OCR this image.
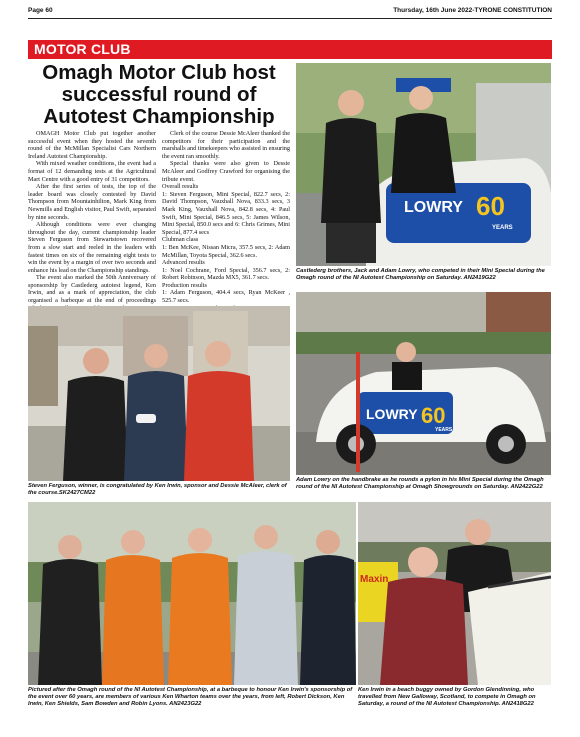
Page 60	Thursday, 16th June 2022-TYRONE CONSTITUTION
MOTOR CLUB
Omagh Motor Club host
successful round of
Autotest Championship

OMAGH Motor Club put together another successful event when they hosted the seventh round of the McMillan Specialist Cars Northern Ireland Autotest Championship.

With mixed weather conditions, the event had a format of 12 demanding tests at the Agricultural Mart Centre with a good entry of 31 competitors.

After the first series of tests, the top of the leader board was closely contested by David Thompson from Mountainhilton, Mark King from Newmills and English visitor, Paul Swift, separated by nine seconds.

Although conditions were ever changing throughout the day, current championship leader Steven Ferguson from Stewartstown recovered from a slow start and reeled in the leaders with fastest times on six of the remaining eight tests to win the event by a margin of over two seconds and enhance his lead on the Championship standings.

The event also marked the 50th Anniversary of sponsorship by Castlederg autotest legend, Ken Irwin, and as a mark of appreciation, the club organised a barbeque at the end of proceedings

Clerk of the course Dessie McAleer thanked the competitors for their participation and the marshalls and timekeepers who assisted in ensuring the event ran smoothly.

Special thanks were also given to Dessie McAleer and Godfrey Crawford for organising the tribute event.

Overall results

1: Steven Ferguson, Mini Special, 822.7 secs, 2: David Thompson, Vauxhall Nova, 833.3 secs, 3 Mark King, Vauxhall Nova, 842.8 secs, 4: Paul Swift, Mini Special, 846.5 secs, 5: James Wilson, Mini Special, 850.0 secs and 6: Chris Grimes, Mini Special, 877.4 secs

Clubman class

1: Ben McKee, Nissan Micra, 357.5 secs, 2: Adam McMillan, Toyota Special, 362.6 secs.

Advanced results

1: Noel Cochrane, Ford Special, 356.7 secs, 2: Robert Robinson, Mazda MX5, 361.7 secs.

Production results

1: Adam Ferguson, 404.4 secs, Ryan McKeer , 525.7 secs.

LOWRY 60
YEARS
Castlederg brothers, Jack and Adam Lowry, who competed in their Mini Special during the Omagh round of the NI Autotest Championship on Saturday. AN2419G22
Steven Ferguson, winner, is congratulated by Ken Irwin, sponsor and Dessie McAleer, clerk of the course.SK2427CM22
LOWRY 60
YEARS
Adam Lowry on the handbrake as he rounds a pylon in his Mini Special during the Omagh round of the NI Autotest Championship at Omagh Showgrounds on Saturday. AN2422G22
Pictured after the Omagh round of the NI Autotest Championship, at a barbeque to honour Ken Irwin's sponsorship of the event over 60 years, are members of various Ken Wharton teams over the years, from left, Robert Dickson, Ken Irwin, Ken Shields, Sam Bowden and Robin Lyons. AN2423G22
Maxin
Ken Irwin in a beach buggy owned by Gordon Glendinning, who travelled from New Galloway, Scotland, to compete in Omagh on Saturday, a round of the NI Autotest Championship. AN2418G22
